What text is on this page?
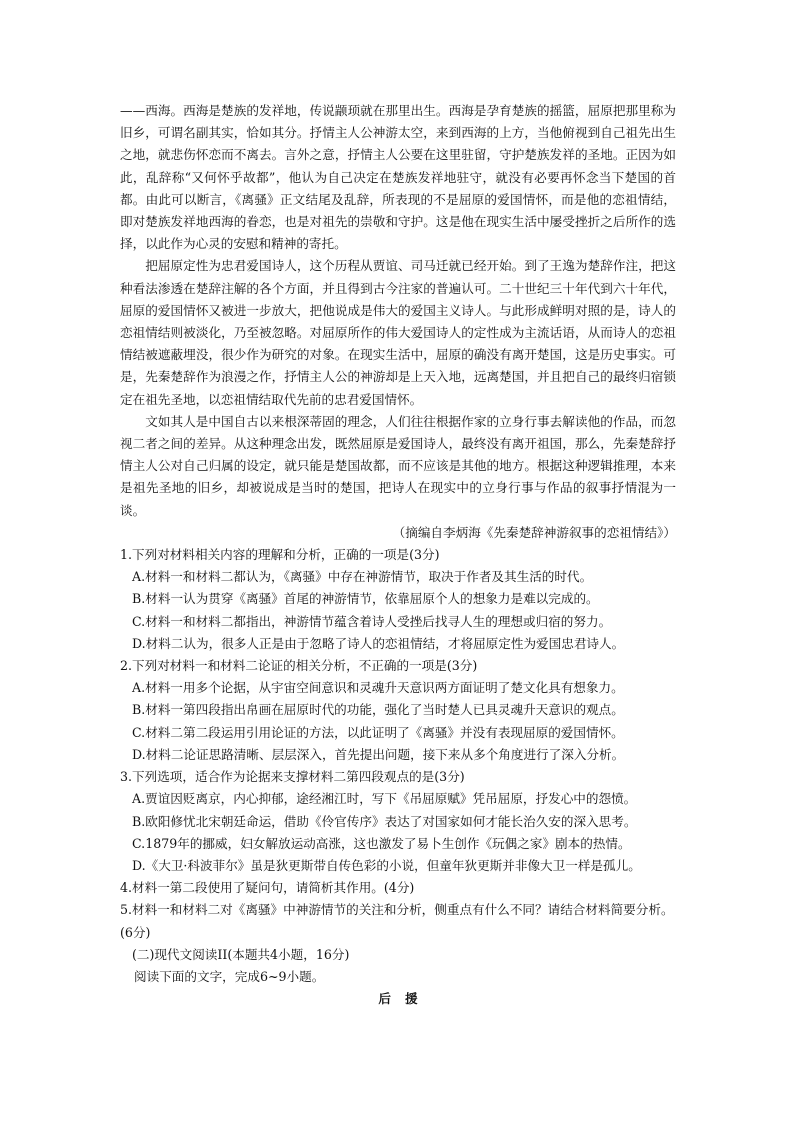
——西海。西海是楚族的发祥地，传说颛顼就在那里出生。西海是孕育楚族的摇篮，屈原把那里称为旧乡，可谓名副其实，恰如其分。抒情主人公神游太空，来到西海的上方，当他俯视到自己祖先出生之地，就悲伤怀恋而不离去。言外之意，抒情主人公要在这里驻留，守护楚族发祥的圣地。正因为如此，乱辞称“又何怀乎故都”，他认为自己决定在楚族发祥地驻守，就没有必要再怀念当下楚国的首都。由此可以断言，《离骚》正文结尾及乱辞，所表现的不是屈原的爱国情怀，而是他的恋祖情结，即对楚族发祥地西海的眷恋，也是对祖先的崇敬和守护。这是他在现实生活中屡受挫折之后所作的选择，以此作为心灵的安慰和精神的寄托。

把屈原定性为忠君爱国诗人，这个历程从贾谊、司马迁就已经开始。到了王逸为楚辞作注，把这种看法渗透在楚辞注解的各个方面，并且得到古今注家的普遍认可。二十世纪三十年代到六十年代，屈原的爱国情怀又被进一步放大，把他说成是伟大的爱国主义诗人。与此形成鲜明对照的是，诗人的恋祖情结则被淡化，乃至被忽略。对屈原所作的伟大爱国诗人的定性成为主流话语，从而诗人的恋祖情结被遮蔽埋没，很少作为研究的对象。在现实生活中，屈原的确没有离开楚国，这是历史事实。可是，先秦楚辞作为浪漫之作，抒情主人公的神游却是上天入地，远离楚国，并且把自己的最终归宿锁定在祖先圣地，以恋祖情结取代先前的忠君爱国情怀。

文如其人是中国自古以来根深蒂固的理念，人们往往根据作家的立身行事去解读他的作品，而忽视二者之间的差异。从这种理念出发，既然屈原是爱国诗人，最终没有离开祖国，那么，先秦楚辞抒情主人公对自己归属的设定，就只能是楚国故都，而不应该是其他的地方。根据这种逻辑推理，本来是祖先圣地的旧乡，却被说成是当时的楚国，把诗人在现实中的立身行事与作品的叙事抒情混为一谈。

（摘编自李炳海《先秦楚辞神游叙事的恋祖情结》）

1.下列对材料相关内容的理解和分析，正确的一项是(3分)

A.材料一和材料二都认为，《离骚》中存在神游情节，取决于作者及其生活的时代。

B.材料一认为贯穿《离骚》首尾的神游情节，依靠屈原个人的想象力是难以完成的。

C.材料一和材料二都指出，神游情节蕴含着诗人受挫后找寻人生的理想或归宿的努力。

D.材料二认为，很多人正是由于忽略了诗人的恋祖情结，才将屈原定性为爱国忠君诗人。

2.下列对材料一和材料二论证的相关分析，不正确的一项是(3分)

A.材料一用多个论据，从宇宙空间意识和灵魂升天意识两方面证明了楚文化具有想象力。

B.材料一第四段指出帛画在屈原时代的功能，强化了当时楚人已具灵魂升天意识的观点。

C.材料二第二段运用引用论证的方法，以此证明了《离骚》并没有表现屈原的爱国情怀。

D.材料二论证思路清晰、层层深入，首先提出问题，接下来从多个角度进行了深入分析。

3.下列选项，适合作为论据来支撑材料二第四段观点的是(3分)

A.贾谊因贬离京，内心抑郁，途经湘江时，写下《吊屈原赋》凭吊屈原，抒发心中的怨愤。

B.欧阳修忧北宋朝廷命运，借助《伶官传序》表达了对国家如何才能长治久安的深入思考。

C.1879年的挪威，妇女解放运动高涨，这也激发了易卜生创作《玩偶之家》剧本的热情。

D.《大卫·科波菲尔》虽是狄更斯带自传色彩的小说，但童年狄更斯并非像大卫一样是孤儿。

4.材料一第二段使用了疑问句，请简析其作用。(4分)

5.材料一和材料二对《离骚》中神游情节的关注和分析，侧重点有什么不同？请结合材料简要分析。(6分)

(二)现代文阅读II(本题共4小题，16分)

阅读下面的文字，完成6~9小题。

后援
